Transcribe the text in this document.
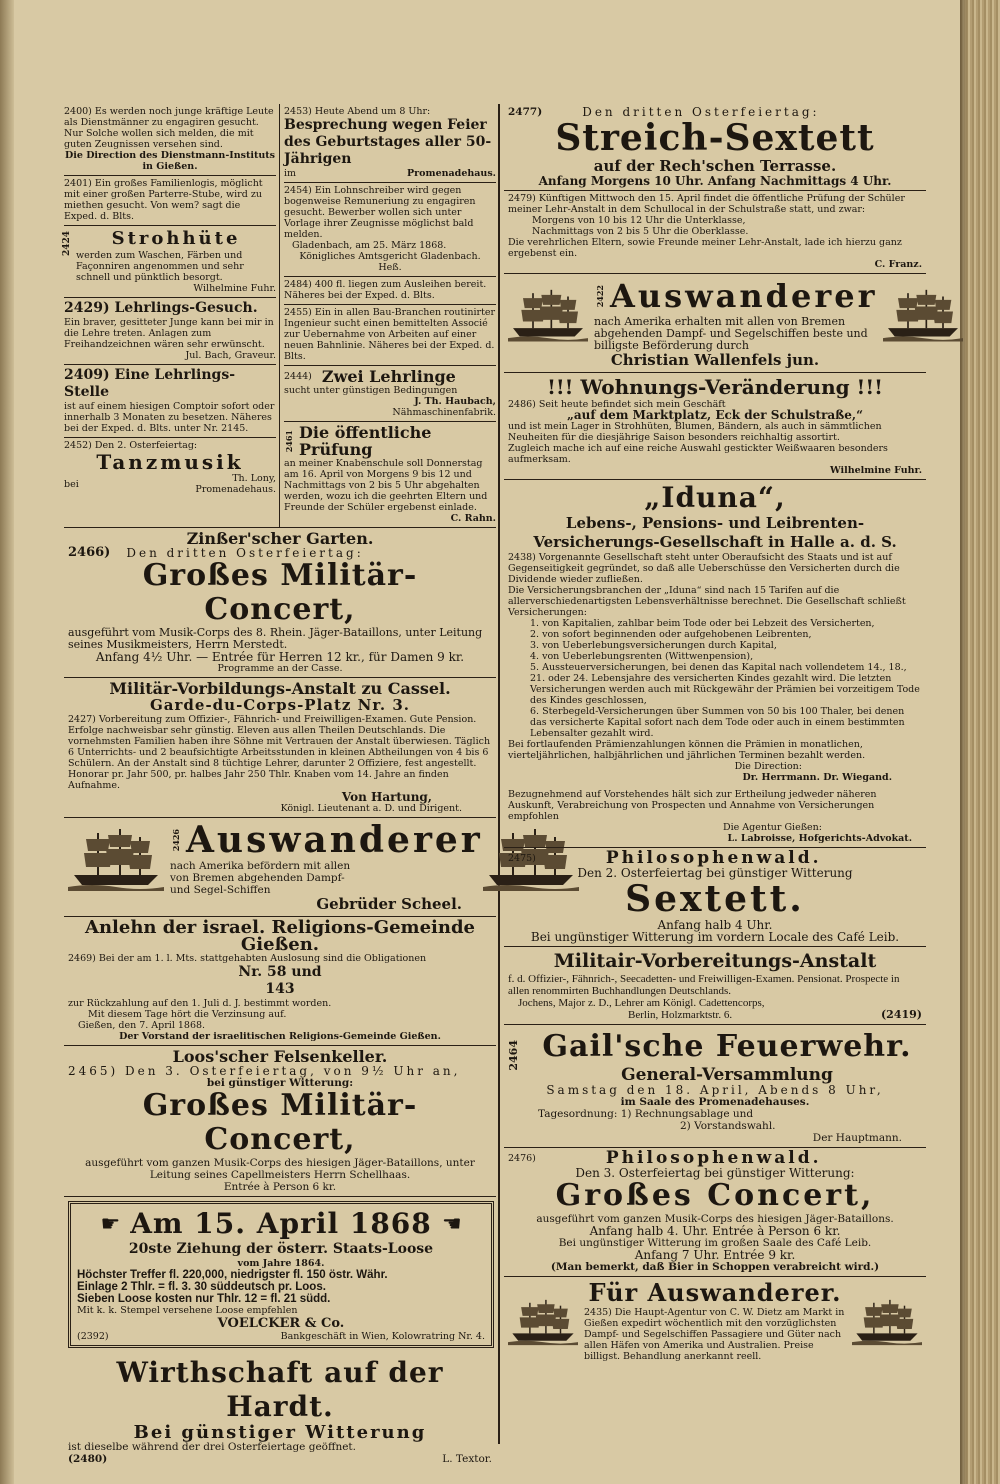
2400) Es werden noch junge kräftige Leute als Dienstmänner zu engagiren gesucht. Nur Solche wollen sich melden, die mit guten Zeugnissen versehen sind.
Die Direction des Dienstmann-Instituts in Gießen.
2401) Ein großes Familienlogis, möglicht mit einer großen Parterre-Stube, wird zu miethen gesucht. Von wem? sagt die Exped. d. Blts.
2424	Strohhüte
werden zum Waschen, Färben und Façonniren angenommen und sehr schnell und pünktlich besorgt.
Wilhelmine Fuhr.
2429) Lehrlings-Gesuch.
Ein braver, gesitteter Junge kann bei mir in die Lehre treten. Anlagen zum Freihandzeichnen wären sehr erwünscht.
Jul. Bach, Graveur.
2409) Eine Lehrlings-Stelle
ist auf einem hiesigen Comptoir sofort oder innerhalb 3 Monaten zu besetzen. Näheres bei der Exped. d. Blts. unter Nr. 2145.
2452) Den 2. Osterfeiertag:
Tanzmusik
bei	Th. Lony,
Promenadehaus.
2453) Heute Abend um 8 Uhr:
Besprechung wegen Feier des Geburtstages aller 50-Jährigen
im	Promenadehaus.
2454) Ein Lohnschreiber wird gegen bogenweise Remuneriung zu engagiren gesucht. Bewerber wollen sich unter Vorlage ihrer Zeugnisse möglichst bald melden.
Gladenbach, am 25. März 1868.
Königliches Amtsgericht Gladenbach.
Heß.
2484) 400 fl. liegen zum Ausleihen bereit. Näheres bei der Exped. d. Blts.
2455) Ein in allen Bau-Branchen routinirter Ingenieur sucht einen bemittelten Associé zur Uebernahme von Arbeiten auf einer neuen Bahnlinie. Näheres bei der Exped. d. Blts.
2444) Zwei Lehrlinge
sucht unter günstigen Bedingungen
J. Th. Haubach,
Nähmaschinenfabrik.
2461 Die öffentliche Prüfung
an meiner Knabenschule soll Donnerstag am 16. April von Morgens 9 bis 12 und Nachmittags von 2 bis 5 Uhr abgehalten werden, wozu ich die geehrten Eltern und Freunde der Schüler ergebenst einlade.
C. Rahn.
Zinßer'scher Garten.
2466) Den dritten Osterfeiertag:
Großes Militär-Concert,
ausgeführt vom Musik-Corps des 8. Rhein. Jäger-Bataillons, unter Leitung seines Musikmeisters, Herrn Merstedt.
Anfang 4½ Uhr. — Entrée für Herren 12 kr., für Damen 9 kr.
Programme an der Casse.
Militär-Vorbildungs-Anstalt zu Cassel.
Garde-du-Corps-Platz Nr. 3.
2427) Vorbereitung zum Offizier-, Fähnrich- und Freiwilligen-Examen. Gute Pension. Erfolge nachweisbar sehr günstig. Eleven aus allen Theilen Deutschlands. Die vornehmsten Familien haben ihre Söhne mit Vertrauen der Anstalt überwiesen. Täglich 6 Unterrichts- und 2 beaufsichtigte Arbeitsstunden in kleinen Abtheilungen von 4 bis 6 Schülern. An der Anstalt sind 8 tüchtige Lehrer, darunter 2 Offiziere, fest angestellt. Honorar pr. Jahr 500, pr. halbes Jahr 250 Thlr. Knaben vom 14. Jahre an finden Aufnahme.
Von Hartung,
Königl. Lieutenant a. D. und Dirigent.
2426 Auswanderer
nach Amerika befördern mit allen
von Bremen abgehenden Dampf-
und Segel-Schiffen
Gebrüder Scheel.
Anlehn der israel. Religions-Gemeinde Gießen.
2469) Bei der am 1. l. Mts. stattgehabten Auslosung sind die Obligationen
Nr. 58 und
143
zur Rückzahlung auf den 1. Juli d. J. bestimmt worden.
Mit diesem Tage hört die Verzinsung auf.
Gießen, den 7. April 1868.
Der Vorstand der israelitischen Religions-Gemeinde Gießen.
Loos'scher Felsenkeller.
2465) Den 3. Osterfeiertag, von 9½ Uhr an,
bei günstiger Witterung:
Großes Militär-Concert,
ausgeführt vom ganzen Musik-Corps des hiesigen Jäger-Bataillons, unter Leitung seines Capellmeisters Herrn Schellhaas.
Entrée à Person 6 kr.
☛ Am 15. April 1868 ☛
20ste Ziehung der österr. Staats-Loose
vom Jahre 1864.
Höchster Treffer fl. 220,000, niedrigster fl. 150 östr. Währ.
Einlage 2 Thlr. = fl. 3. 30 süddeutsch pr. Loos.
Sieben Loose kosten nur Thlr. 12 = fl. 21 südd.
Mit k. k. Stempel versehene Loose empfehlen
VOELCKER & Co.
(2392)	Bankgeschäft in Wien, Kolowratring Nr. 4.
Wirthschaft auf der Hardt.
Bei günstiger Witterung
ist dieselbe während der drei Osterfeiertage geöffnet.
(2480)	L. Textor.
2477)	Den dritten Osterfeiertag:
Streich-Sextett
auf der Rech'schen Terrasse.
Anfang Morgens 10 Uhr. Anfang Nachmittags 4 Uhr.
2479) Künftigen Mittwoch den 15. April findet die öffentliche Prüfung der Schüler meiner Lehr-Anstalt in dem Schullocal in der Schulstraße statt, und zwar:
Morgens von 10 bis 12 Uhr die Unterklasse,
Nachmittags von 2 bis 5 Uhr die Oberklasse.
Die verehrlichen Eltern, sowie Freunde meiner Lehr-Anstalt, lade ich hierzu ganz ergebenst ein.
C. Franz.
2422 Auswanderer
nach Amerika erhalten mit allen von Bremen abgehenden Dampf- und Segelschiffen beste und billigste Beförderung durch
Christian Wallenfels jun.
!!! Wohnungs-Veränderung !!!
2486) Seit heute befindet sich mein Geschäft
„auf dem Marktplatz, Eck der Schulstraße,“
und ist mein Lager in Strohhüten, Blumen, Bändern, als auch in sämmtlichen Neuheiten für die diesjährige Saison besonders reichhaltig assortirt.
Zugleich mache ich auf eine reiche Auswahl gestickter Weißwaaren besonders aufmerksam.
Wilhelmine Fuhr.
„Iduna“,
Lebens-, Pensions- und Leibrenten-Versicherungs-Gesellschaft in Halle a. d. S.
2438) Vorgenannte Gesellschaft steht unter Oberaufsicht des Staats und ist auf Gegenseitigkeit gegründet, so daß alle Ueberschüsse den Versicherten durch die Dividende wieder zufließen.
Die Versicherungsbranchen der „Iduna“ sind nach 15 Tarifen auf die allerverschiedenartigsten Lebensverhältnisse berechnet. Die Gesellschaft schließt Versicherungen:
1. von Kapitalien, zahlbar beim Tode oder bei Lebzeit des Versicherten,
2. von sofort beginnenden oder aufgehobenen Leibrenten,
3. von Ueberlebungsversicherungen durch Kapital,
4. von Ueberlebungsrenten (Wittwenpension),
5. Aussteuerversicherungen, bei denen das Kapital nach vollendetem 14., 18., 21. oder 24. Lebensjahre des versicherten Kindes gezahlt wird. Die letzten Versicherungen werden auch mit Rückgewähr der Prämien bei vorzeitigem Tode des Kindes geschlossen,
6. Sterbegeld-Versicherungen über Summen von 50 bis 100 Thaler, bei denen das versicherte Kapital sofort nach dem Tode oder auch in einem bestimmten Lebensalter gezahlt wird.
Bei fortlaufenden Prämienzahlungen können die Prämien in monatlichen, vierteljährlichen, halbjährlichen und jährlichen Terminen bezahlt werden.
Die Direction:
Dr. Herrmann. Dr. Wiegand.
Bezugnehmend auf Vorstehendes hält sich zur Ertheilung jedweder näheren Auskunft, Verabreichung von Prospecten und Annahme von Versicherungen empfohlen
Die Agentur Gießen:
L. Labroisse, Hofgerichts-Advokat.
2475)	Philosophenwald.
Den 2. Osterfeiertag bei günstiger Witterung
Sextett.
Anfang halb 4 Uhr.
Bei ungünstiger Witterung im vordern Locale des Café Leib.
Militair-Vorbereitungs-Anstalt
f. d. Offizier-, Fähnrich-, Seecadetten- und Freiwilligen-Examen. Pensionat. Prospecte in allen renommirten Buchhandlungen Deutschlands.
Jochens, Major z. D., Lehrer am Königl. Cadettencorps,
Berlin, Holzmarktstr. 6.	(2419)
2464 Gail'sche Feuerwehr.
General-Versammlung
Samstag den 18. April, Abends 8 Uhr,
im Saale des Promenadehauses.
Tagesordnung: 1) Rechnungsablage und
2) Vorstandswahl.
Der Hauptmann.
2476)	Philosophenwald.
Den 3. Osterfeiertag bei günstiger Witterung:
Großes Concert,
ausgeführt vom ganzen Musik-Corps des hiesigen Jäger-Bataillons.
Anfang halb 4. Uhr. Entrée à Person 6 kr.
Bei ungünstiger Witterung im großen Saale des Café Leib.
Anfang 7 Uhr. Entrée 9 kr.
(Man bemerkt, daß Bier in Schoppen verabreicht wird.)
Für Auswanderer.
2435) Die Haupt-Agentur von C. W. Dietz am Markt in Gießen expedirt wöchentlich mit den vorzüglichsten Dampf- und Segelschiffen Passagiere und Güter nach allen Häfen von Amerika und Australien. Preise billigst. Behandlung anerkannt reell.
